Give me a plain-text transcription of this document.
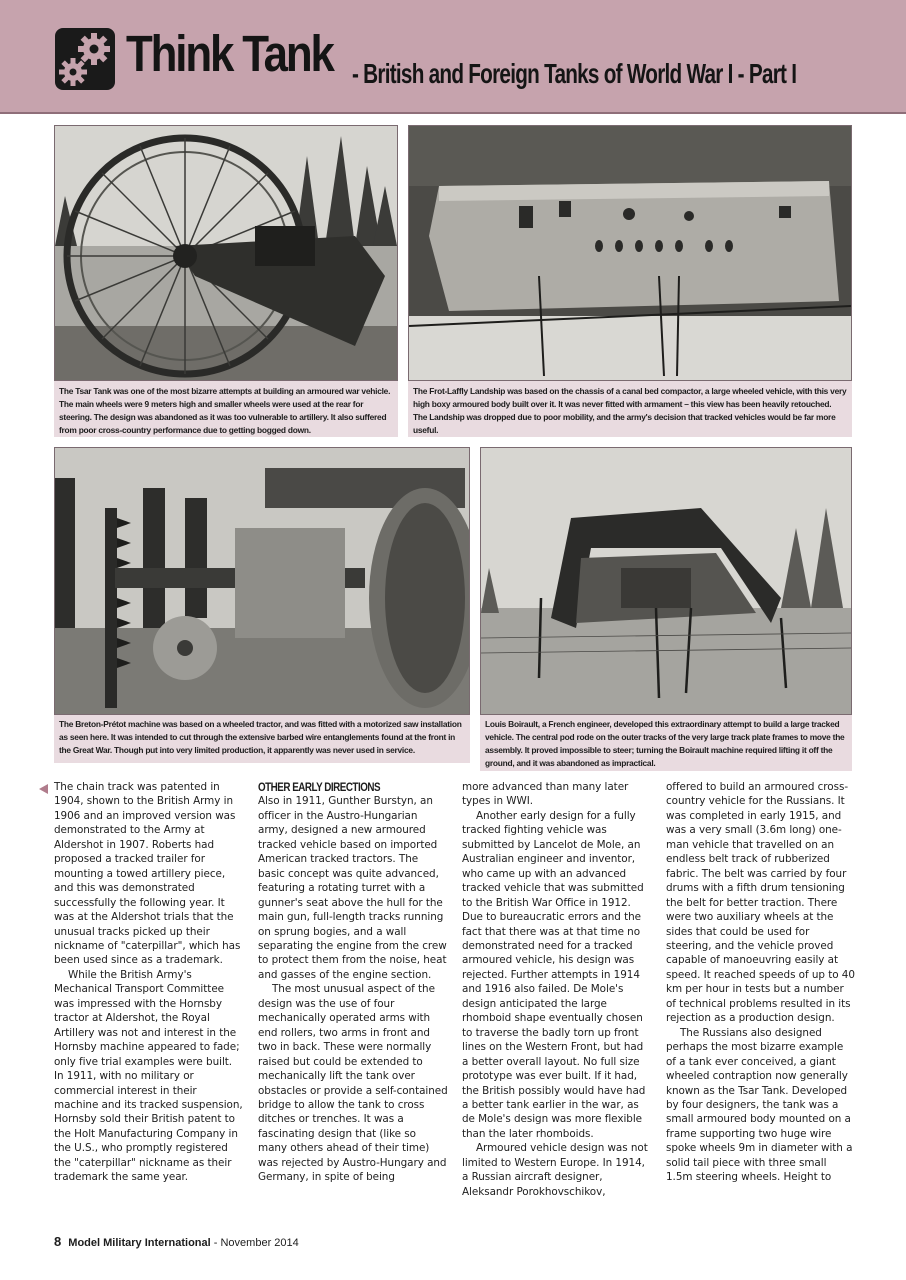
Think Tank - British and Foreign Tanks of World War I - Part I
The Tsar Tank was one of the most bizarre attempts at building an armoured war vehicle. The main wheels were 9 meters high and smaller wheels were used at the rear for steering. The design was abandoned as it was too vulnerable to artillery. It also suffered from poor cross-country performance due to getting bogged down.
The Frot-Laffly Landship was based on the chassis of a canal bed compactor, a large wheeled vehicle, with this very high boxy armoured body built over it. It was never fitted with armament – this view has been heavily retouched. The Landship was dropped due to poor mobility, and the army's decision that tracked vehicles would be far more useful.
The Breton-Prétot machine was based on a wheeled tractor, and was fitted with a motorized saw installation as seen here. It was intended to cut through the extensive barbed wire entanglements found at the front in the Great War. Though put into very limited production, it apparently was never used in service.
Louis Boirault, a French engineer, developed this extraordinary attempt to build a large tracked vehicle. The central pod rode on the outer tracks of the very large track plate frames to move the assembly. It proved impossible to steer; turning the Boirault machine required lifting it off the ground, and it was abandoned as impractical.

The chain track was patented in 1904, shown to the British Army in 1906 and an improved version was demonstrated to the Army at Aldershot in 1907. Roberts had proposed a tracked trailer for mounting a towed artillery piece, and this was demonstrated successfully the following year. It was at the Aldershot trials that the unusual tracks picked up their nickname of "caterpillar", which has been used since as a trademark.

While the British Army's Mechanical Transport Committee was impressed with the Hornsby tractor at Aldershot, the Royal Artillery was not and interest in the Hornsby machine appeared to fade; only five trial examples were built. In 1911, with no military or commercial interest in their machine and its tracked suspension, Hornsby sold their British patent to the Holt Manufacturing Company in the U.S., who promptly registered the "caterpillar" nickname as their trademark the same year.

OTHER EARLY DIRECTIONS

Also in 1911, Gunther Burstyn, an officer in the Austro-Hungarian army, designed a new armoured tracked vehicle based on imported American tracked tractors. The basic concept was quite advanced, featuring a rotating turret with a gunner's seat above the hull for the main gun, full-length tracks running on sprung bogies, and a wall separating the engine from the crew to protect them from the noise, heat and gasses of the engine section.

The most unusual aspect of the design was the use of four mechanically operated arms with end rollers, two arms in front and two in back. These were normally raised but could be extended to mechanically lift the tank over obstacles or provide a self-contained bridge to allow the tank to cross ditches or trenches. It was a fascinating design that (like so many others ahead of their time) was rejected by Austro-Hungary and Germany, in spite of being

more advanced than many later types in WWI.

Another early design for a fully tracked fighting vehicle was submitted by Lancelot de Mole, an Australian engineer and inventor, who came up with an advanced tracked vehicle that was submitted to the British War Office in 1912. Due to bureaucratic errors and the fact that there was at that time no demonstrated need for a tracked armoured vehicle, his design was rejected. Further attempts in 1914 and 1916 also failed. De Mole's design anticipated the large rhomboid shape eventually chosen to traverse the badly torn up front lines on the Western Front, but had a better overall layout. No full size prototype was ever built. If it had, the British possibly would have had a better tank earlier in the war, as de Mole's design was more flexible than the later rhomboids.

Armoured vehicle design was not limited to Western Europe. In 1914, a Russian aircraft designer, Aleksandr Porokhovschikov,

offered to build an armoured cross-country vehicle for the Russians. It was completed in early 1915, and was a very small (3.6m long) one-man vehicle that travelled on an endless belt track of rubberized fabric. The belt was carried by four drums with a fifth drum tensioning the belt for better traction. There were two auxiliary wheels at the sides that could be used for steering, and the vehicle proved capable of manoeuvring easily at speed. It reached speeds of up to 40 km per hour in tests but a number of technical problems resulted in its rejection as a production design.

The Russians also designed perhaps the most bizarre example of a tank ever conceived, a giant wheeled contraption now generally known as the Tsar Tank. Developed by four designers, the tank was a small armoured body mounted on a frame supporting two huge wire spoke wheels 9m in diameter with a solid tail piece with three small 1.5m steering wheels. Height to

8 Model Military International - November 2014
